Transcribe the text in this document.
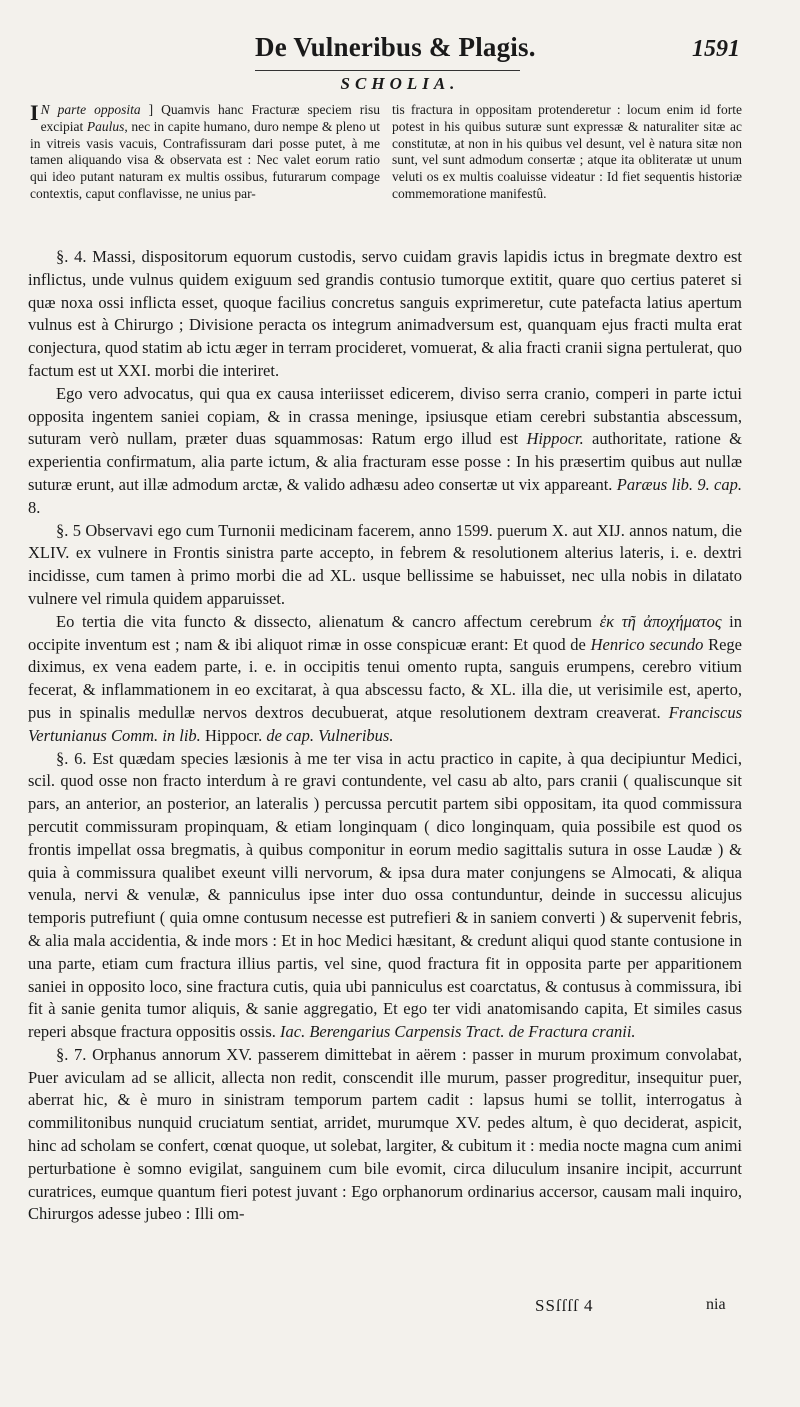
De Vulneribus & Plagis.	1591
SCHOLIA.

I N parte opposita ] Quamvis hanc Fracturæ speciem risu excipiat Paulus, nec in capite humano, duro nempe & pleno ut in vitreis vasis vacuis, Contrafissuram dari posse putet, à me tamen aliquando visa & observata est : Nec valet eorum ratio qui ideo putant naturam ex multis ossibus, futurarum compage contextis, caput conflavisse, ne unius par-

tis fractura in oppositam protenderetur : locum enim id forte potest in his quibus suturæ sunt expressæ & naturaliter sitæ ac constitutæ, at non in his quibus vel desunt, vel è natura sitæ non sunt, vel sunt admodum consertæ ; atque ita obliteratæ ut unum veluti os ex multis coaluisse videatur : Id fiet sequentis historiæ commemoratione manifestû.

§. 4. Massi, dispositorum equorum custodis, servo cuidam gravis lapidis ictus in bregmate dextro est inflictus, unde vulnus quidem exiguum sed grandis contusio tumorque extitit, quare quo certius pateret si quæ noxa ossi inflicta esset, quoque facilius concretus sanguis exprimeretur, cute patefacta latius apertum vulnus est à Chirurgo ; Divisione peracta os integrum animadversum est, quanquam ejus fracti multa erat conjectura, quod statim ab ictu æger in terram procideret, vomuerat, & alia fracti cranii signa pertulerat, quo factum est ut XXI. morbi die interiret.

Ego vero advocatus, qui qua ex causa interiisset edicerem, diviso serra cranio, comperi in parte ictui opposita ingentem saniei copiam, & in crassa meninge, ipsiusque etiam cerebri substantia abscessum, suturam verò nullam, præter duas squammosas: Ratum ergo illud est Hippocr. authoritate, ratione & experientia confirmatum, alia parte ictum, & alia fracturam esse posse : In his præsertim quibus aut nullæ suturæ erunt, aut illæ admodum arctæ, & valido adhæsu adeo consertæ ut vix appareant. Paræus lib. 9. cap. 8.

§. 5 Observavi ego cum Turnonii medicinam facerem, anno 1599. puerum X. aut XIJ. annos natum, die XLIV. ex vulnere in Frontis sinistra parte accepto, in febrem & resolutionem alterius lateris, i. e. dextri incidisse, cum tamen à primo morbi die ad XL. usque bellissime se habuisset, nec ulla nobis in dilatato vulnere vel rimula quidem apparuisset.

Eo tertia die vita functo & dissecto, alienatum & cancro affectum cerebrum ἐκ τῆ ἀποχήματος in occipite inventum est ; nam & ibi aliquot rimæ in osse conspicuæ erant: Et quod de Henrico secundo Rege diximus, ex vena eadem parte, i. e. in occipitis tenui omento rupta, sanguis erumpens, cerebro vitium fecerat, & inflammationem in eo excitarat, à qua abscessu facto, & XL. illa die, ut verisimile est, aperto, pus in spinalis medullæ nervos dextros decubuerat, atque resolutionem dextram creaverat. Franciscus Vertunianus Comm. in lib. Hippocr. de cap. Vulneribus.

§. 6. Est quædam species læsionis à me ter visa in actu practico in capite, à qua decipiuntur Medici, scil. quod osse non fracto interdum à re gravi contundente, vel casu ab alto, pars cranii ( qualiscunque sit pars, an anterior, an posterior, an lateralis ) percussa percutit partem sibi oppositam, ita quod commissura percutit commissuram propinquam, & etiam longinquam ( dico longinquam, quia possibile est quod os frontis impellat ossa bregmatis, à quibus componitur in eorum medio sagittalis sutura in osse Laudæ ) & quia à commissura qualibet exeunt villi nervorum, & ipsa dura mater conjungens se Almocati, & aliqua venula, nervi & venulæ, & panniculus ipse inter duo ossa contunduntur, deinde in successu alicujus temporis putrefiunt ( quia omne contusum necesse est putrefieri & in saniem converti ) & supervenit febris, & alia mala accidentia, & inde mors : Et in hoc Medici hæsitant, & credunt aliqui quod stante contusione in una parte, etiam cum fractura illius partis, vel sine, quod fractura fit in opposita parte per apparitionem saniei in opposito loco, sine fractura cutis, quia ubi panniculus est coarctatus, & contusus à commissura, ibi fit à sanie genita tumor aliquis, & sanie aggregatio, Et ego ter vidi anatomisando capita, Et similes casus reperi absque fractura oppositis ossis. Iac. Berengarius Carpensis Tract. de Fractura cranii.

§. 7. Orphanus annorum XV. passerem dimittebat in aërem : passer in murum proximum convolabat, Puer aviculam ad se allicit, allecta non redit, conscendit ille murum, passer progreditur, insequitur puer, aberrat hic, & è muro in sinistram temporum partem cadit : lapsus humi se tollit, interrogatus à commilitonibus nunquid cruciatum sentiat, arridet, murumque XV. pedes altum, è quo deciderat, aspicit, hinc ad scholam se confert, cœnat quoque, ut solebat, largiter, & cubitum it : media nocte magna cum animi perturbatione è somno evigilat, sanguinem cum bile evomit, circa diluculum insanire incipit, accurrunt curatrices, eumque quantum fieri potest juvant : Ego orphanorum ordinarius accersor, causam mali inquiro, Chirurgos adesse jubeo : Illi om-

SSſſſſ 4	nia
